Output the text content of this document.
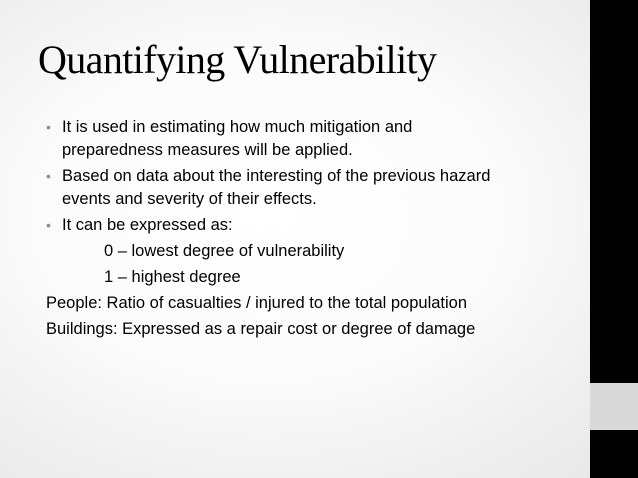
Quantifying Vulnerability
• It is used in estimating how much mitigation and
preparedness measures will be applied.
• Based on data about the interesting of the previous hazard
events and severity of their effects.
• It can be expressed as:
0 – lowest degree of vulnerability
1 – highest degree
People: Ratio of casualties / injured to the total population
Buildings: Expressed as a repair cost or degree of damage
